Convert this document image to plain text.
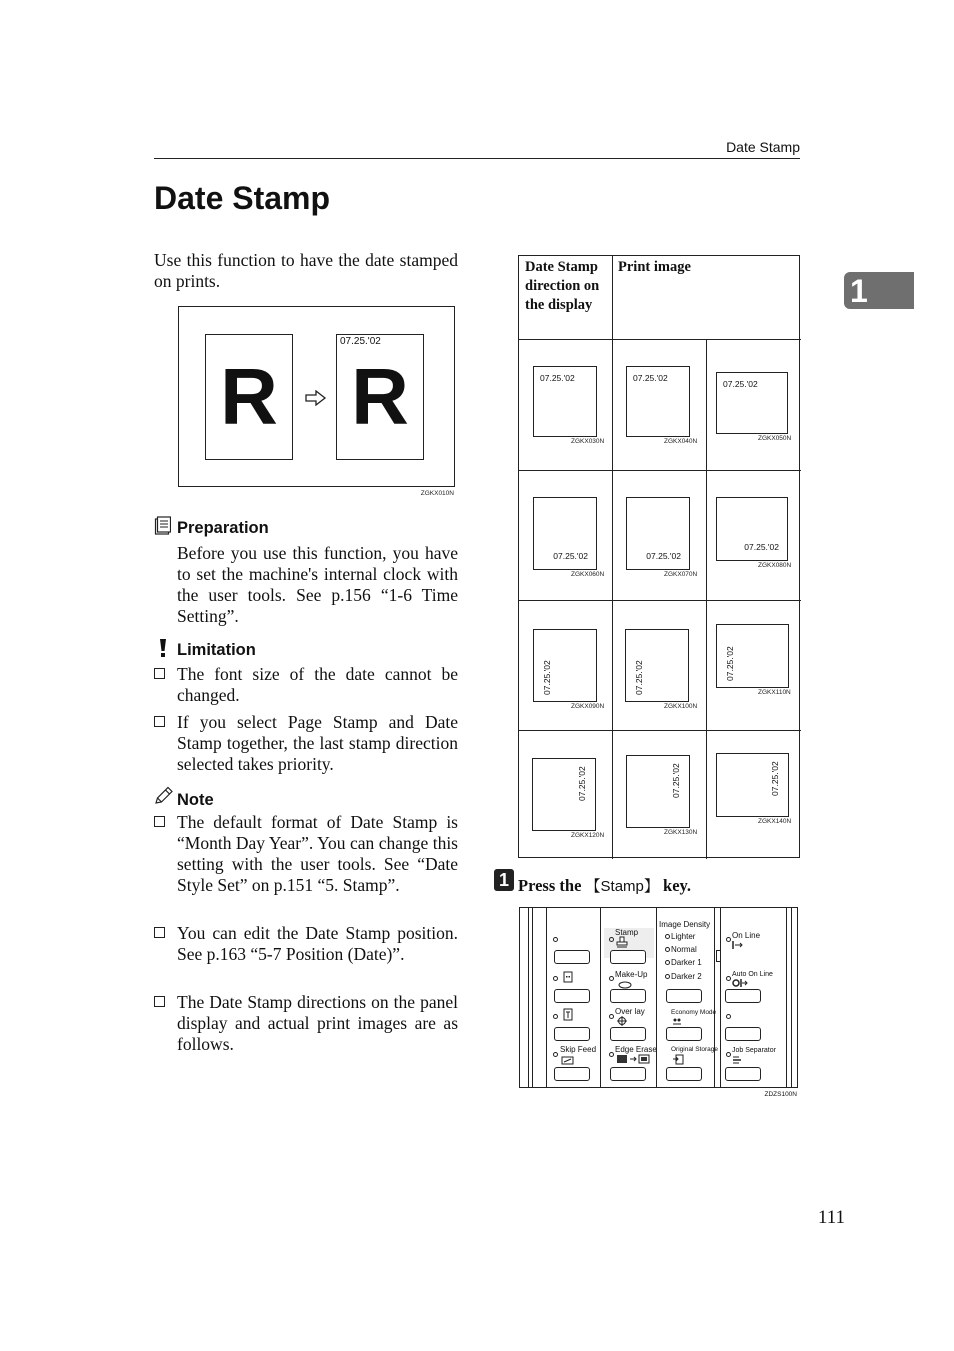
Date Stamp
Date Stamp
1
Use this function to have the date stamped on prints.
R
07.25.'02
R
ZGKX010N
Preparation
Before you use this function, you have to set the machine's internal clock with the user tools. See p.156 “1-6 Time Setting”.
Limitation
The font size of the date cannot be changed.
If you select Page Stamp and Date Stamp together, the last stamp direction selected takes priority.
Note
The default format of Date Stamp is “Month Day Year”. You can change this setting with the user tools. See “Date Style Set” on p.151 “5. Stamp”.
You can edit the Date Stamp position. See p.163 “5-7 Position (Date)”.
The Date Stamp directions on the panel display and actual print images are as follows.
Date Stamp direction on the display
Print image
07.25.'02
ZGKX030N
07.25.'02
ZGKX040N
07.25.'02
ZGKX050N
07.25.'02
ZGKX060N
07.25.'02
ZGKX070N
07.25.'02
ZGKX080N
07.25.'02
ZGKX090N
07.25.'02
ZGKX100N
07.25.'02
ZGKX110N
07.25.'02
ZGKX120N
07.25.'02
ZGKX130N
07.25.'02
ZGKX140N
1 Press the 【Stamp】 key.
Skip Feed
Stamp
Make-Up
Over lay
Edge Erase
Image Density
Lighter
Normal
Darker 1
Darker 2
Economy Mode
Original Storage
On Line
Auto On Line
Job Separator
ZDZS100N
111
